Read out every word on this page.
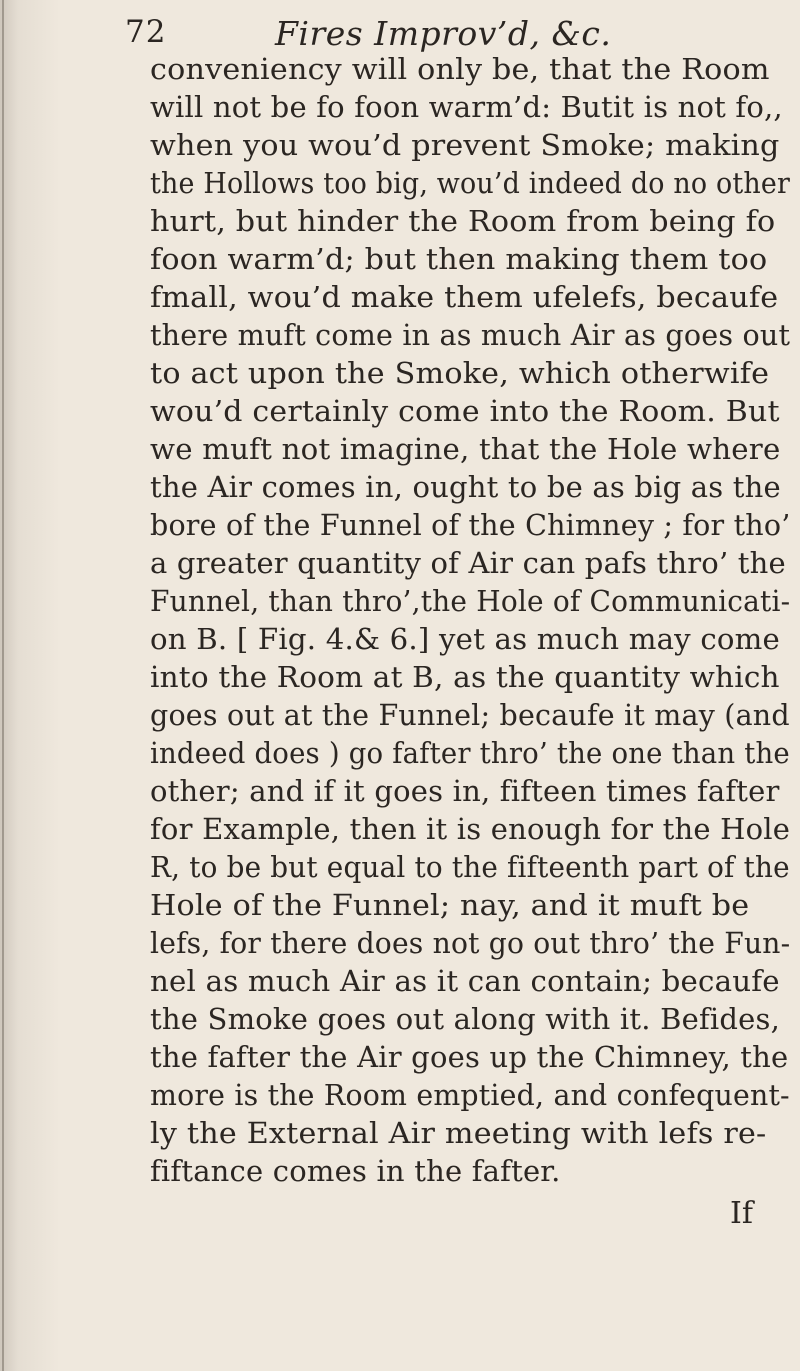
72	Fires Improv’d, &c.
conveniency will only be, that the Room
will not be fo foon warm’d: Butit is not fo,,
when you wou’d prevent Smoke; making
the Hollows too big, wou’d indeed do no other
hurt, but hinder the Room from being fo
foon warm’d; but then making them too
fmall, wou’d make them ufelefs, becaufe
there muft come in as much Air as goes out
to act upon the Smoke, which otherwife
wou’d certainly come into the Room. But
we muft not imagine, that the Hole where
the Air comes in, ought to be as big as the
bore of the Funnel of the Chimney ; for tho’
a greater quantity of Air can pafs thro’ the
Funnel, than thro’,the Hole of Communicati-
on B. [ Fig. 4.& 6.] yet as much may come
into the Room at B, as the quantity which
goes out at the Funnel; becaufe it may (and
indeed does ) go fafter thro’ the one than the
other; and if it goes in, fifteen times fafter
for Example, then it is enough for the Hole
R, to be but equal to the fifteenth part of the
Hole of the Funnel; nay, and it muft be
lefs, for there does not go out thro’ the Fun-
nel as much Air as it can contain; becaufe
the Smoke goes out along with it. Befides,
the fafter the Air goes up the Chimney, the
more is the Room emptied, and confequent-
ly the External Air meeting with lefs re-
fiftance comes in the fafter.
If
